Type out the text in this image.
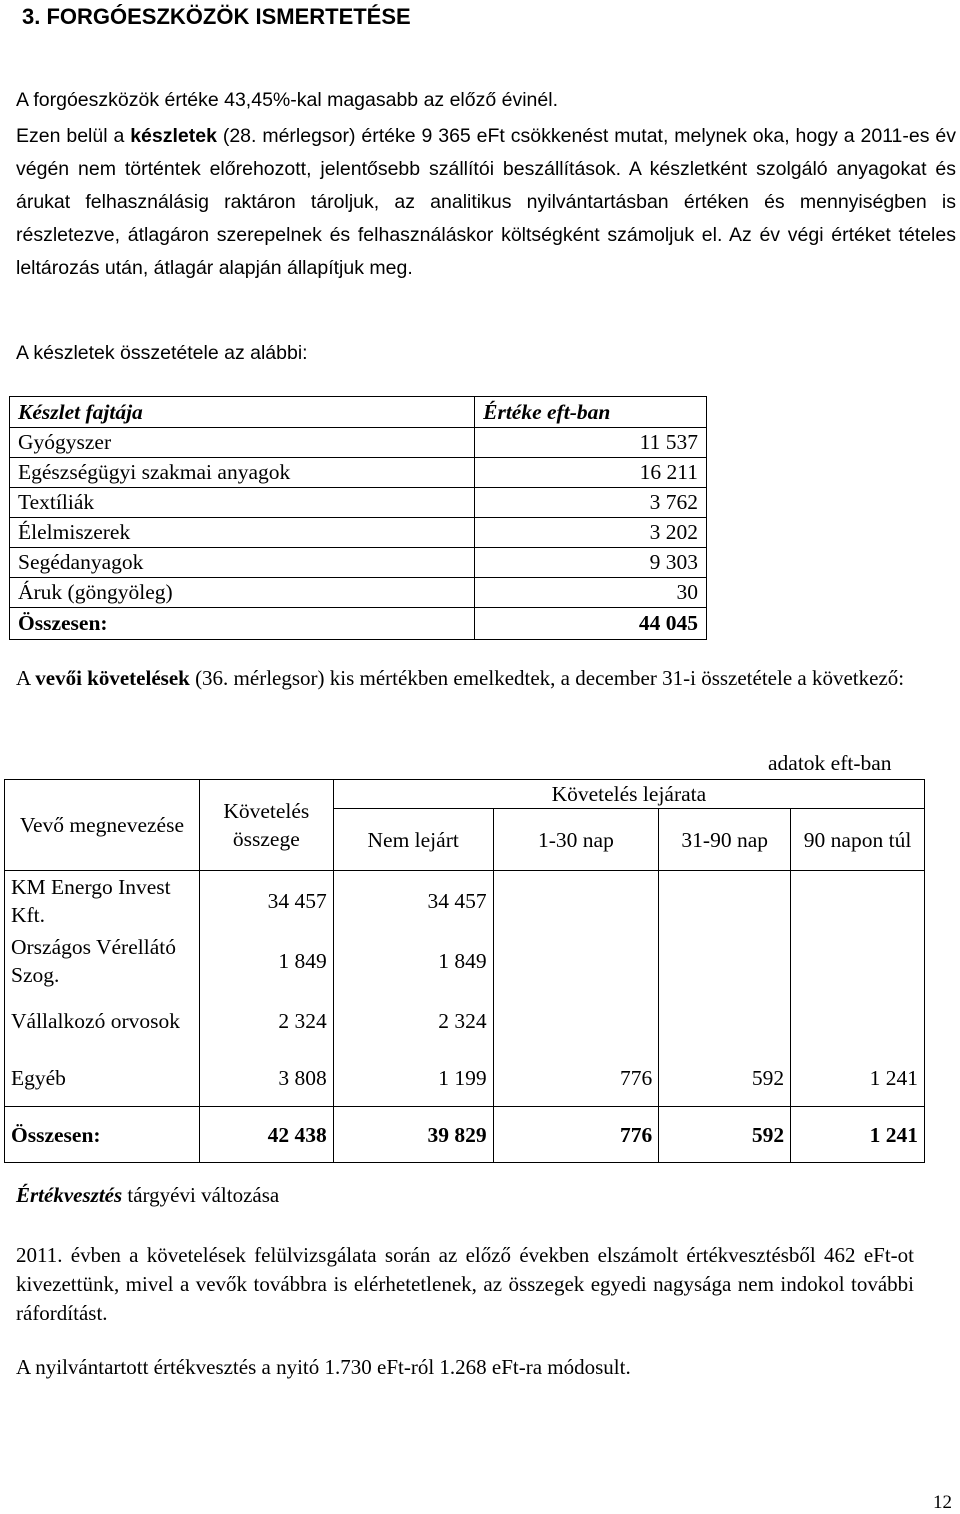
3. FORGÓESZKÖZÖK ISMERTETÉSE
A forgóeszközök értéke 43,45%-kal magasabb az előző évinél.
Ezen belül a készletek (28. mérlegsor) értéke 9 365 eFt csökkenést mutat, melynek oka, hogy a 2011-es év végén nem történtek előrehozott, jelentősebb szállítói beszállítások. A készletként szolgáló anyagokat és árukat felhasználásig raktáron tároljuk, az analitikus nyilvántartásban értéken és mennyiségben is részletezve, átlagáron szerepelnek és felhasználáskor költségként számoljuk el. Az év végi értéket tételes leltározás után, átlagár alapján állapítjuk meg.
A készletek összetétele az alábbi:
Készlet fajtája	Értéke eft-ban
Gyógyszer	11 537
Egészségügyi szakmai anyagok	16 211
Textíliák	3 762
Élelmiszerek	3 202
Segédanyagok	9 303
Áruk (göngyöleg)	30
Összesen:	44 045
A vevői követelések (36. mérlegsor) kis mértékben emelkedtek, a december 31-i összetétele a következő:
adatok eft-ban
Vevő megnevezése	Követelés összege	Követelés lejárata			
		Nem lejárt	1-30 nap	31-90 nap	90 napon túl
KM Energo Invest Kft.	34 457	34 457			
Országos Vérellátó Szog.	1 849	1 849			
Vállalkozó orvosok	2 324	2 324			
Egyéb	3 808	1 199	776	592	1 241
Összesen:	42 438	39 829	776	592	1 241
Értékvesztés tárgyévi változása
2011. évben a követelések felülvizsgálata során az előző években elszámolt értékvesztésből 462 eFt-ot kivezettünk, mivel a vevők továbbra is elérhetetlenek, az összegek egyedi nagysága nem indokol további ráfordítást.
A nyilvántartott értékvesztés a nyitó 1.730 eFt-ról 1.268 eFt-ra módosult.
12
